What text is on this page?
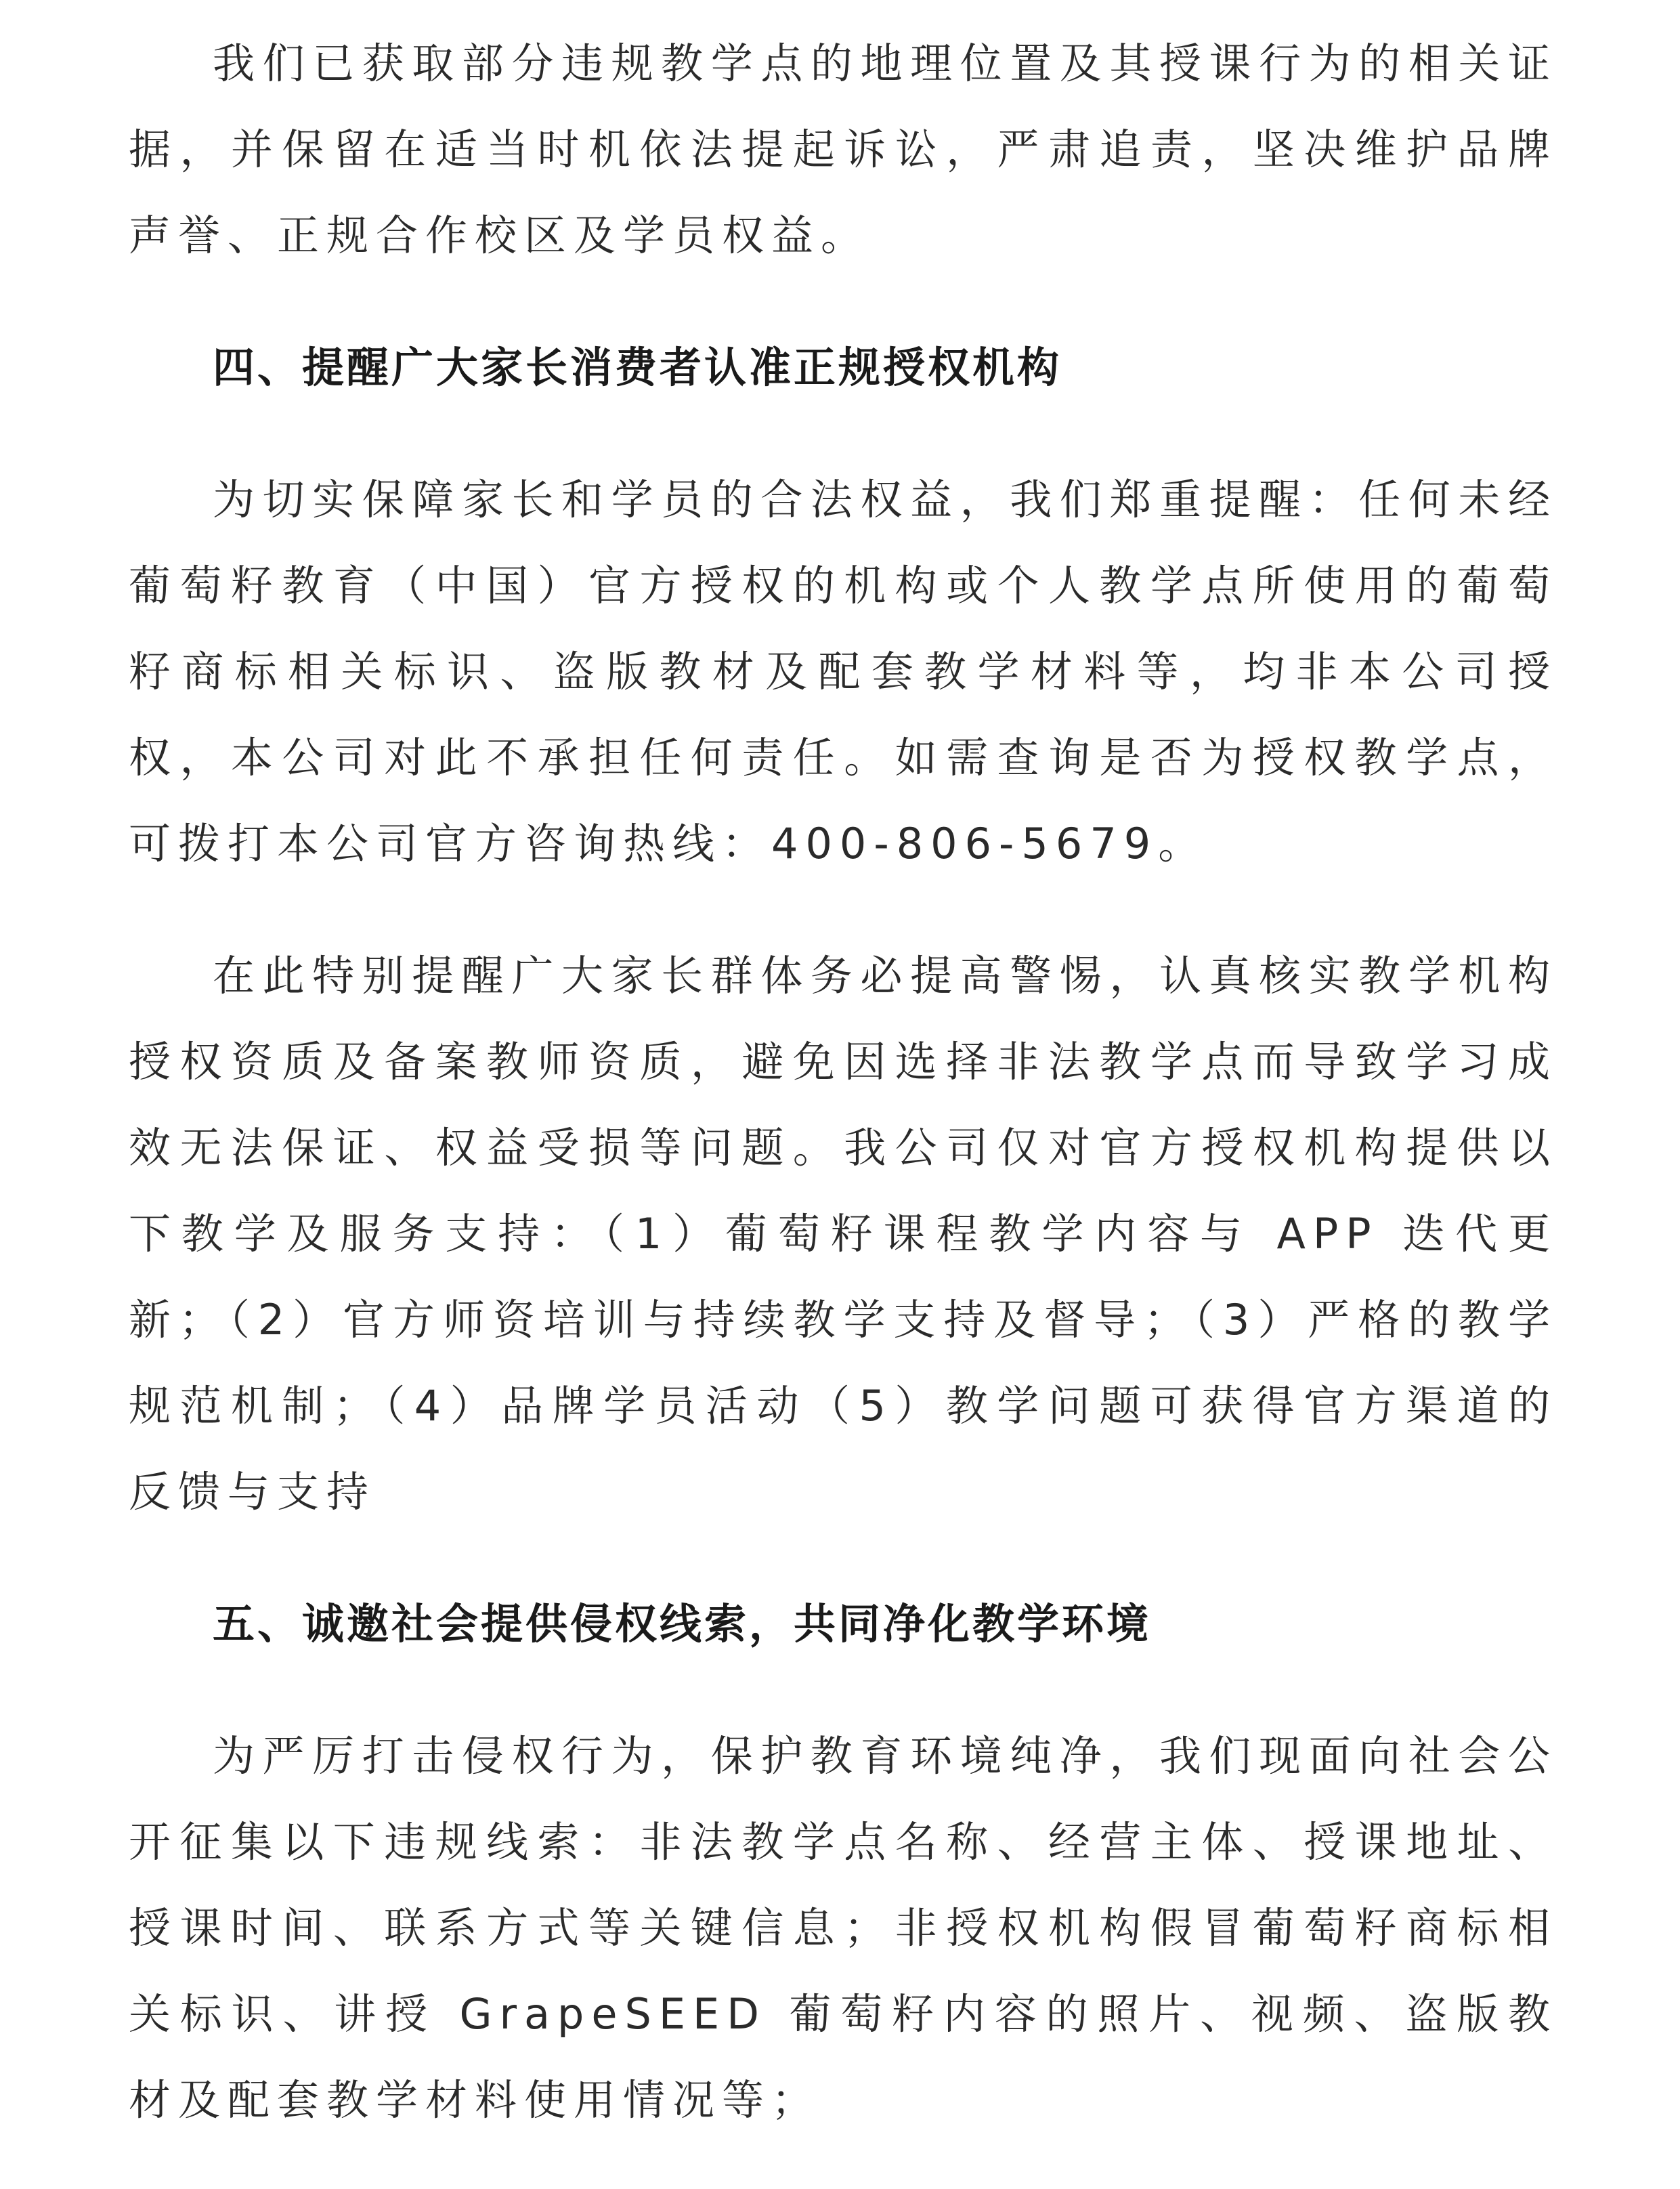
我们已获取部分违规教学点的地理位置及其授课行为的相关证据，并保留在适当时机依法提起诉讼，严肃追责，坚决维护品牌声誉、正规合作校区及学员权益。

四、提醒广大家长消费者认准正规授权机构

为切实保障家长和学员的合法权益，我们郑重提醒：任何未经葡萄籽教育（中国）官方授权的机构或个人教学点所使用的葡萄籽商标相关标识、盗版教材及配套教学材料等，均非本公司授权，本公司对此不承担任何责任。如需查询是否为授权教学点，可拨打本公司官方咨询热线：400-806-5679。

在此特别提醒广大家长群体务必提高警惕，认真核实教学机构授权资质及备案教师资质，避免因选择非法教学点而导致学习成效无法保证、权益受损等问题。我公司仅对官方授权机构提供以下教学及服务支持：（1）葡萄籽课程教学内容与 APP 迭代更新；（2）官方师资培训与持续教学支持及督导；（3）严格的教学规范机制；（4）品牌学员活动（5）教学问题可获得官方渠道的反馈与支持

五、诚邀社会提供侵权线索，共同净化教学环境

为严厉打击侵权行为，保护教育环境纯净，我们现面向社会公开征集以下违规线索：非法教学点名称、经营主体、授课地址、授课时间、联系方式等关键信息；非授权机构假冒葡萄籽商标相关标识、讲授 GrapeSEED 葡萄籽内容的照片、视频、盗版教材及配套教学材料使用情况等；
